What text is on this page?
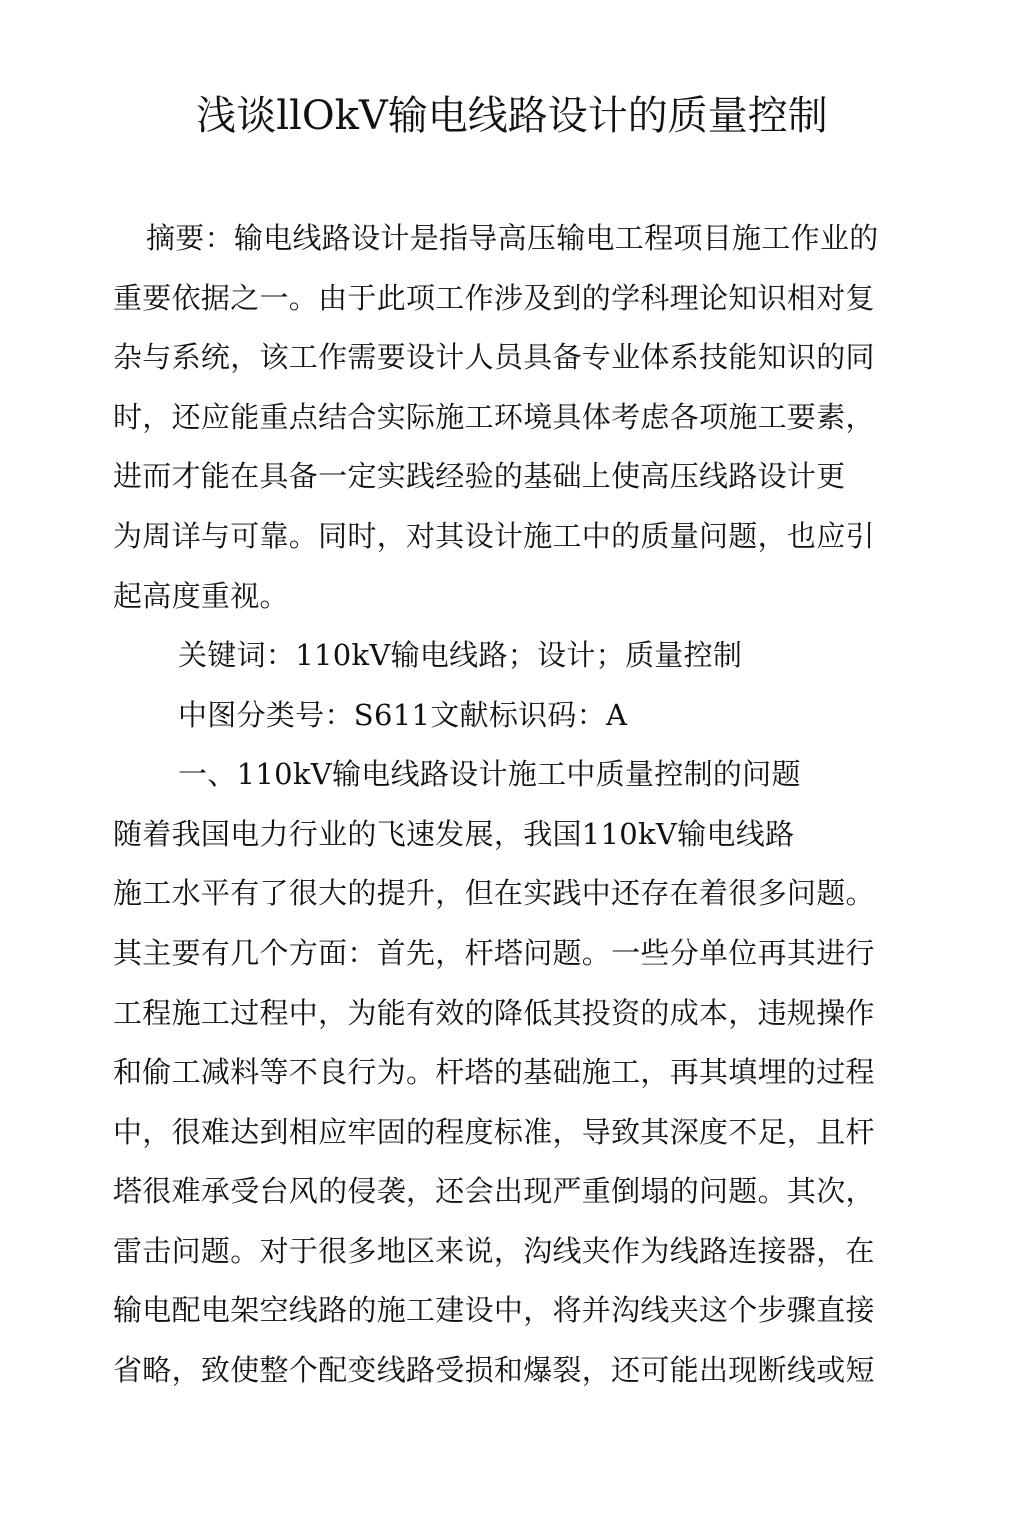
浅谈llOkV输电线路设计的质量控制
摘要：输电线路设计是指导高压输电工程项目施工作业的
重要依据之一。由于此项工作涉及到的学科理论知识相对复
杂与系统，该工作需要设计人员具备专业体系技能知识的同
时，还应能重点结合实际施工环境具体考虑各项施工要素，
进而才能在具备一定实践经验的基础上使高压线路设计更
为周详与可靠。同时，对其设计施工中的质量问题，也应引
起高度重视。
关键词：110kV输电线路；设计；质量控制
中图分类号：S611文献标识码：A
一、110kV输电线路设计施工中质量控制的问题
随着我国电力行业的飞速发展，我国110kV输电线路
施工水平有了很大的提升，但在实践中还存在着很多问题。
其主要有几个方面：首先，杆塔问题。一些分单位再其进行
工程施工过程中，为能有效的降低其投资的成本，违规操作
和偷工减料等不良行为。杆塔的基础施工，再其填埋的过程
中，很难达到相应牢固的程度标准，导致其深度不足，且杆
塔很难承受台风的侵袭，还会出现严重倒塌的问题。其次，
雷击问题。对于很多地区来说，沟线夹作为线路连接器，在
输电配电架空线路的施工建设中，将并沟线夹这个步骤直接
省略，致使整个配变线路受损和爆裂，还可能出现断线或短
